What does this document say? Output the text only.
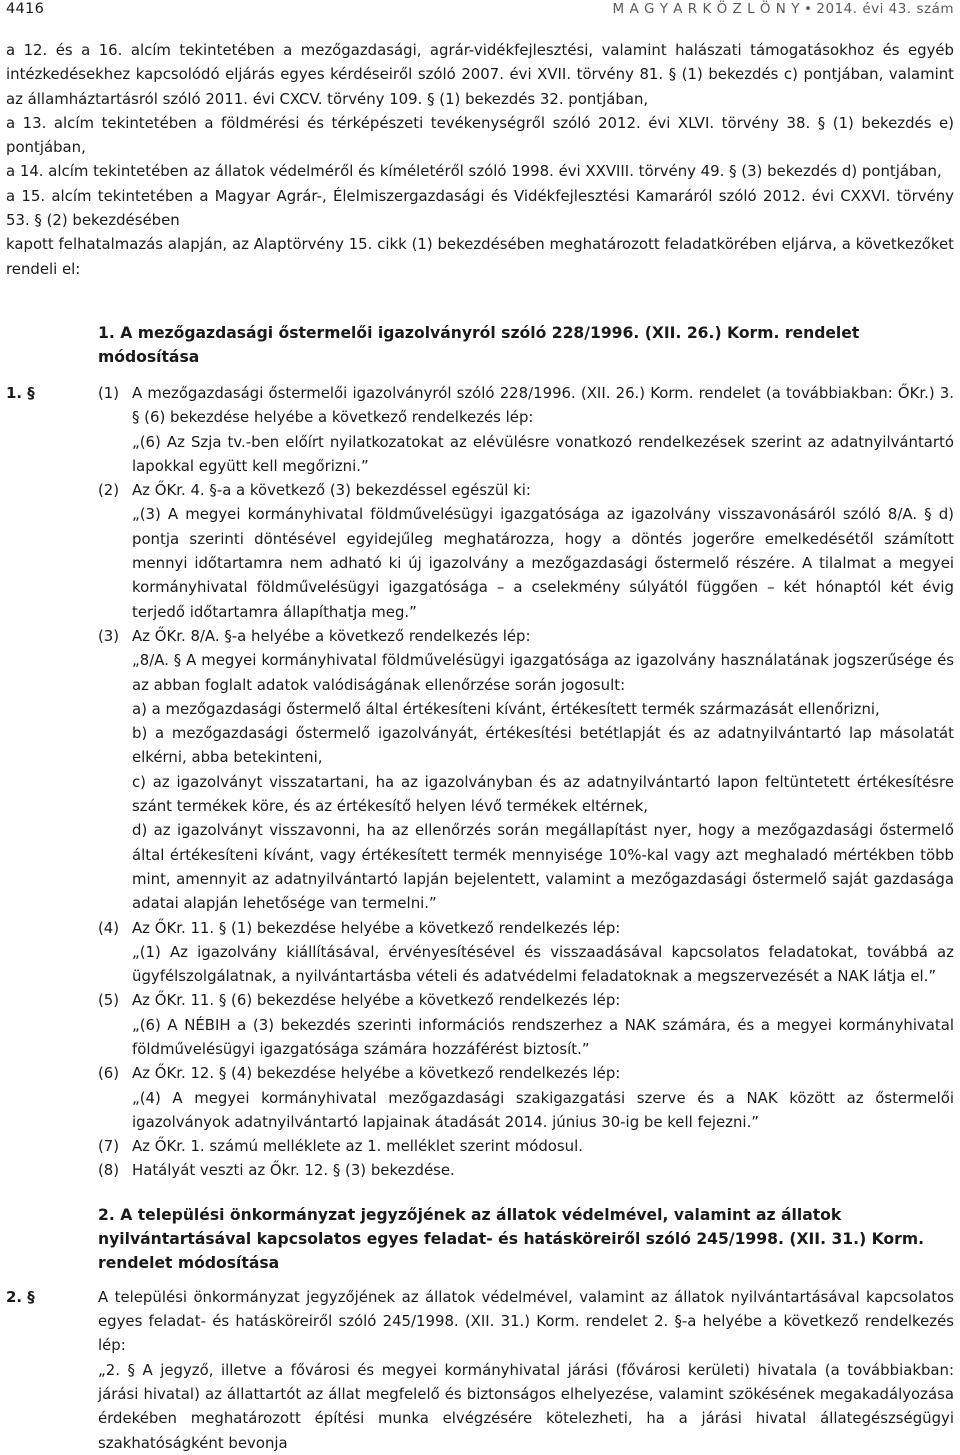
4416	M A G Y A R K Ö Z L Ö N Y • 2014. évi 43. szám

a 12. és a 16. alcím tekintetében a mezőgazdasági, agrár-vidékfejlesztési, valamint halászati támogatásokhoz és egyéb intézkedésekhez kapcsolódó eljárás egyes kérdéseiről szóló 2007. évi XVII. törvény 81. § (1) bekezdés c) pontjában, valamint az államháztartásról szóló 2011. évi CXCV. törvény 109. § (1) bekezdés 32. pontjában,

a 13. alcím tekintetében a földmérési és térképészeti tevékenységről szóló 2012. évi XLVI. törvény 38. § (1) bekezdés e) pontjában,

a 14. alcím tekintetében az állatok védelméről és kíméletéről szóló 1998. évi XXVIII. törvény 49. § (3) bekezdés d) pontjában,

a 15. alcím tekintetében a Magyar Agrár-, Élelmiszergazdasági és Vidékfejlesztési Kamaráról szóló 2012. évi CXXVI. törvény 53. § (2) bekezdésében

kapott felhatalmazás alapján, az Alaptörvény 15. cikk (1) bekezdésében meghatározott feladatkörében eljárva, a következőket rendeli el:

1. A mezőgazdasági őstermelői igazolványról szóló 228/1996. (XII. 26.) Korm. rendelet módosítása
1. §	(1) A mezőgazdasági őstermelői igazolványról szóló 228/1996. (XII. 26.) Korm. rendelet (a továbbiakban: ŐKr.) 3. § (6) bekezdése helyébe a következő rendelkezés lép:
„(6) Az Szja tv.-ben előírt nyilatkozatokat az elévülésre vonatkozó rendelkezések szerint az adatnyilvántartó lapokkal együtt kell megőrizni.”
(2) Az ŐKr. 4. §-a a következő (3) bekezdéssel egészül ki:
„(3) A megyei kormányhivatal földművelésügyi igazgatósága az igazolvány visszavonásáról szóló 8/A. § d) pontja szerinti döntésével egyidejűleg meghatározza, hogy a döntés jogerőre emelkedésétől számított mennyi időtartamra nem adható ki új igazolvány a mezőgazdasági őstermelő részére. A tilalmat a megyei kormányhivatal földművelésügyi igazgatósága – a cselekmény súlyától függően – két hónaptól két évig terjedő időtartamra állapíthatja meg.”
(3) Az ŐKr. 8/A. §-a helyébe a következő rendelkezés lép:
„8/A. § A megyei kormányhivatal földművelésügyi igazgatósága az igazolvány használatának jogszerűsége és az abban foglalt adatok valódiságának ellenőrzése során jogosult:
a) a mezőgazdasági őstermelő által értékesíteni kívánt, értékesített termék származását ellenőrizni,
b) a mezőgazdasági őstermelő igazolványát, értékesítési betétlapját és az adatnyilvántartó lap másolatát elkérni, abba betekinteni,
c) az igazolványt visszatartani, ha az igazolványban és az adatnyilvántartó lapon feltüntetett értékesítésre szánt termékek köre, és az értékesítő helyen lévő termékek eltérnek,
d) az igazolványt visszavonni, ha az ellenőrzés során megállapítást nyer, hogy a mezőgazdasági őstermelő által értékesíteni kívánt, vagy értékesített termék mennyisége 10%-kal vagy azt meghaladó mértékben több mint, amennyit az adatnyilvántartó lapján bejelentett, valamint a mezőgazdasági őstermelő saját gazdasága adatai alapján lehetősége van termelni.”
(4) Az ŐKr. 11. § (1) bekezdése helyébe a következő rendelkezés lép:
„(1) Az igazolvány kiállításával, érvényesítésével és visszaadásával kapcsolatos feladatokat, továbbá az ügyfélszolgálatnak, a nyilvántartásba vételi és adatvédelmi feladatoknak a megszervezését a NAK látja el.”
(5) Az ŐKr. 11. § (6) bekezdése helyébe a következő rendelkezés lép:
„(6) A NÉBIH a (3) bekezdés szerinti információs rendszerhez a NAK számára, és a megyei kormányhivatal földművelésügyi igazgatósága számára hozzáférést biztosít.”
(6) Az ŐKr. 12. § (4) bekezdése helyébe a következő rendelkezés lép:
„(4) A megyei kormányhivatal mezőgazdasági szakigazgatási szerve és a NAK között az őstermelői igazolványok adatnyilvántartó lapjainak átadását 2014. június 30-ig be kell fejezni.”
(7) Az ŐKr. 1. számú melléklete az 1. melléklet szerint módosul.
(8) Hatályát veszti az Őkr. 12. § (3) bekezdése.
2. A települési önkormányzat jegyzőjének az állatok védelmével, valamint az állatok nyilvántartásával kapcsolatos egyes feladat- és hatásköreiről szóló 245/1998. (XII. 31.) Korm. rendelet módosítása
2. §	A települési önkormányzat jegyzőjének az állatok védelmével, valamint az állatok nyilvántartásával kapcsolatos egyes feladat- és hatásköreiről szóló 245/1998. (XII. 31.) Korm. rendelet 2. §-a helyébe a következő rendelkezés lép:
„2. § A jegyző, illetve a fővárosi és megyei kormányhivatal járási (fővárosi kerületi) hivatala (a továbbiakban: járási hivatal) az állattartót az állat megfelelő és biztonságos elhelyezése, valamint szökésének megakadályozása érdekében meghatározott építési munka elvégzésére kötelezheti, ha a járási hivatal állategészségügyi szakhatóságként bevonja
